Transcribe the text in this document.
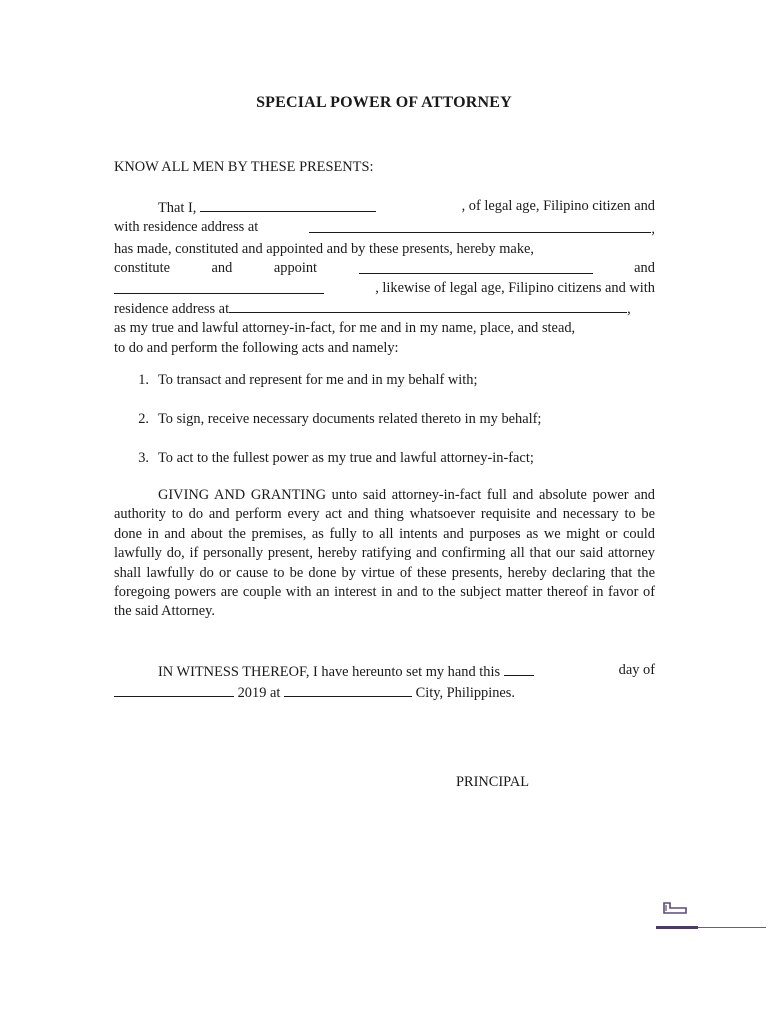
SPECIAL POWER OF ATTORNEY
KNOW ALL MEN BY THESE PRESENTS:
That I,	, of legal age, Filipino citizen and
with residence address at	,
has made, constituted and appointed and by these presents, hereby make,
constitute	and	appoint	and
, likewise of legal age, Filipino citizens and with
residence address at	,
as my true and lawful attorney-in-fact, for me and in my name, place, and stead,
to do and perform the following acts and namely:
1. To transact and represent for me and in my behalf with;
2. To sign, receive necessary documents related thereto in my behalf;
3. To act to the fullest power as my true and lawful attorney-in-fact;
GIVING AND GRANTING unto said attorney-in-fact full and absolute power and authority to do and perform every act and thing whatsoever requisite and necessary to be done in and about the premises, as fully to all intents and purposes as we might or could lawfully do, if personally present, hereby ratifying and confirming all that our said attorney shall lawfully do or cause to be done by virtue of these presents, hereby declaring that the foregoing powers are couple with an interest in and to the subject matter thereof in favor of the said Attorney.
IN WITNESS THEREOF, I have hereunto set my hand this	day of
2019 at	City, Philippines.
PRINCIPAL
